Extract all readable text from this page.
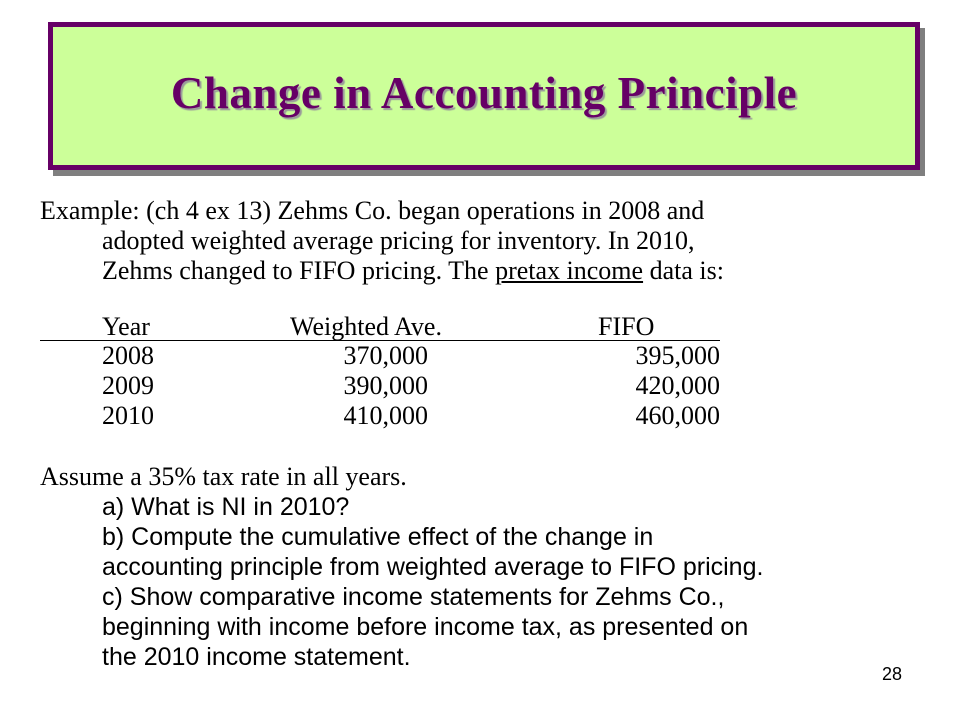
Change in Accounting Principle
Example: (ch 4 ex 13) Zehms Co. began operations in 2008 and
adopted weighted average pricing for inventory. In 2010,
Zehms changed to FIFO pricing. The pretax income data is:
Year	Weighted Ave.	FIFO
2008	370,000	395,000
2009	390,000	420,000
2010	410,000	460,000
Assume a 35% tax rate in all years.
a) What is NI in 2010?
b) Compute the cumulative effect of the change in
accounting principle from weighted average to FIFO pricing.
c) Show comparative income statements for Zehms Co.,
beginning with income before income tax, as presented on
the 2010 income statement.
28
